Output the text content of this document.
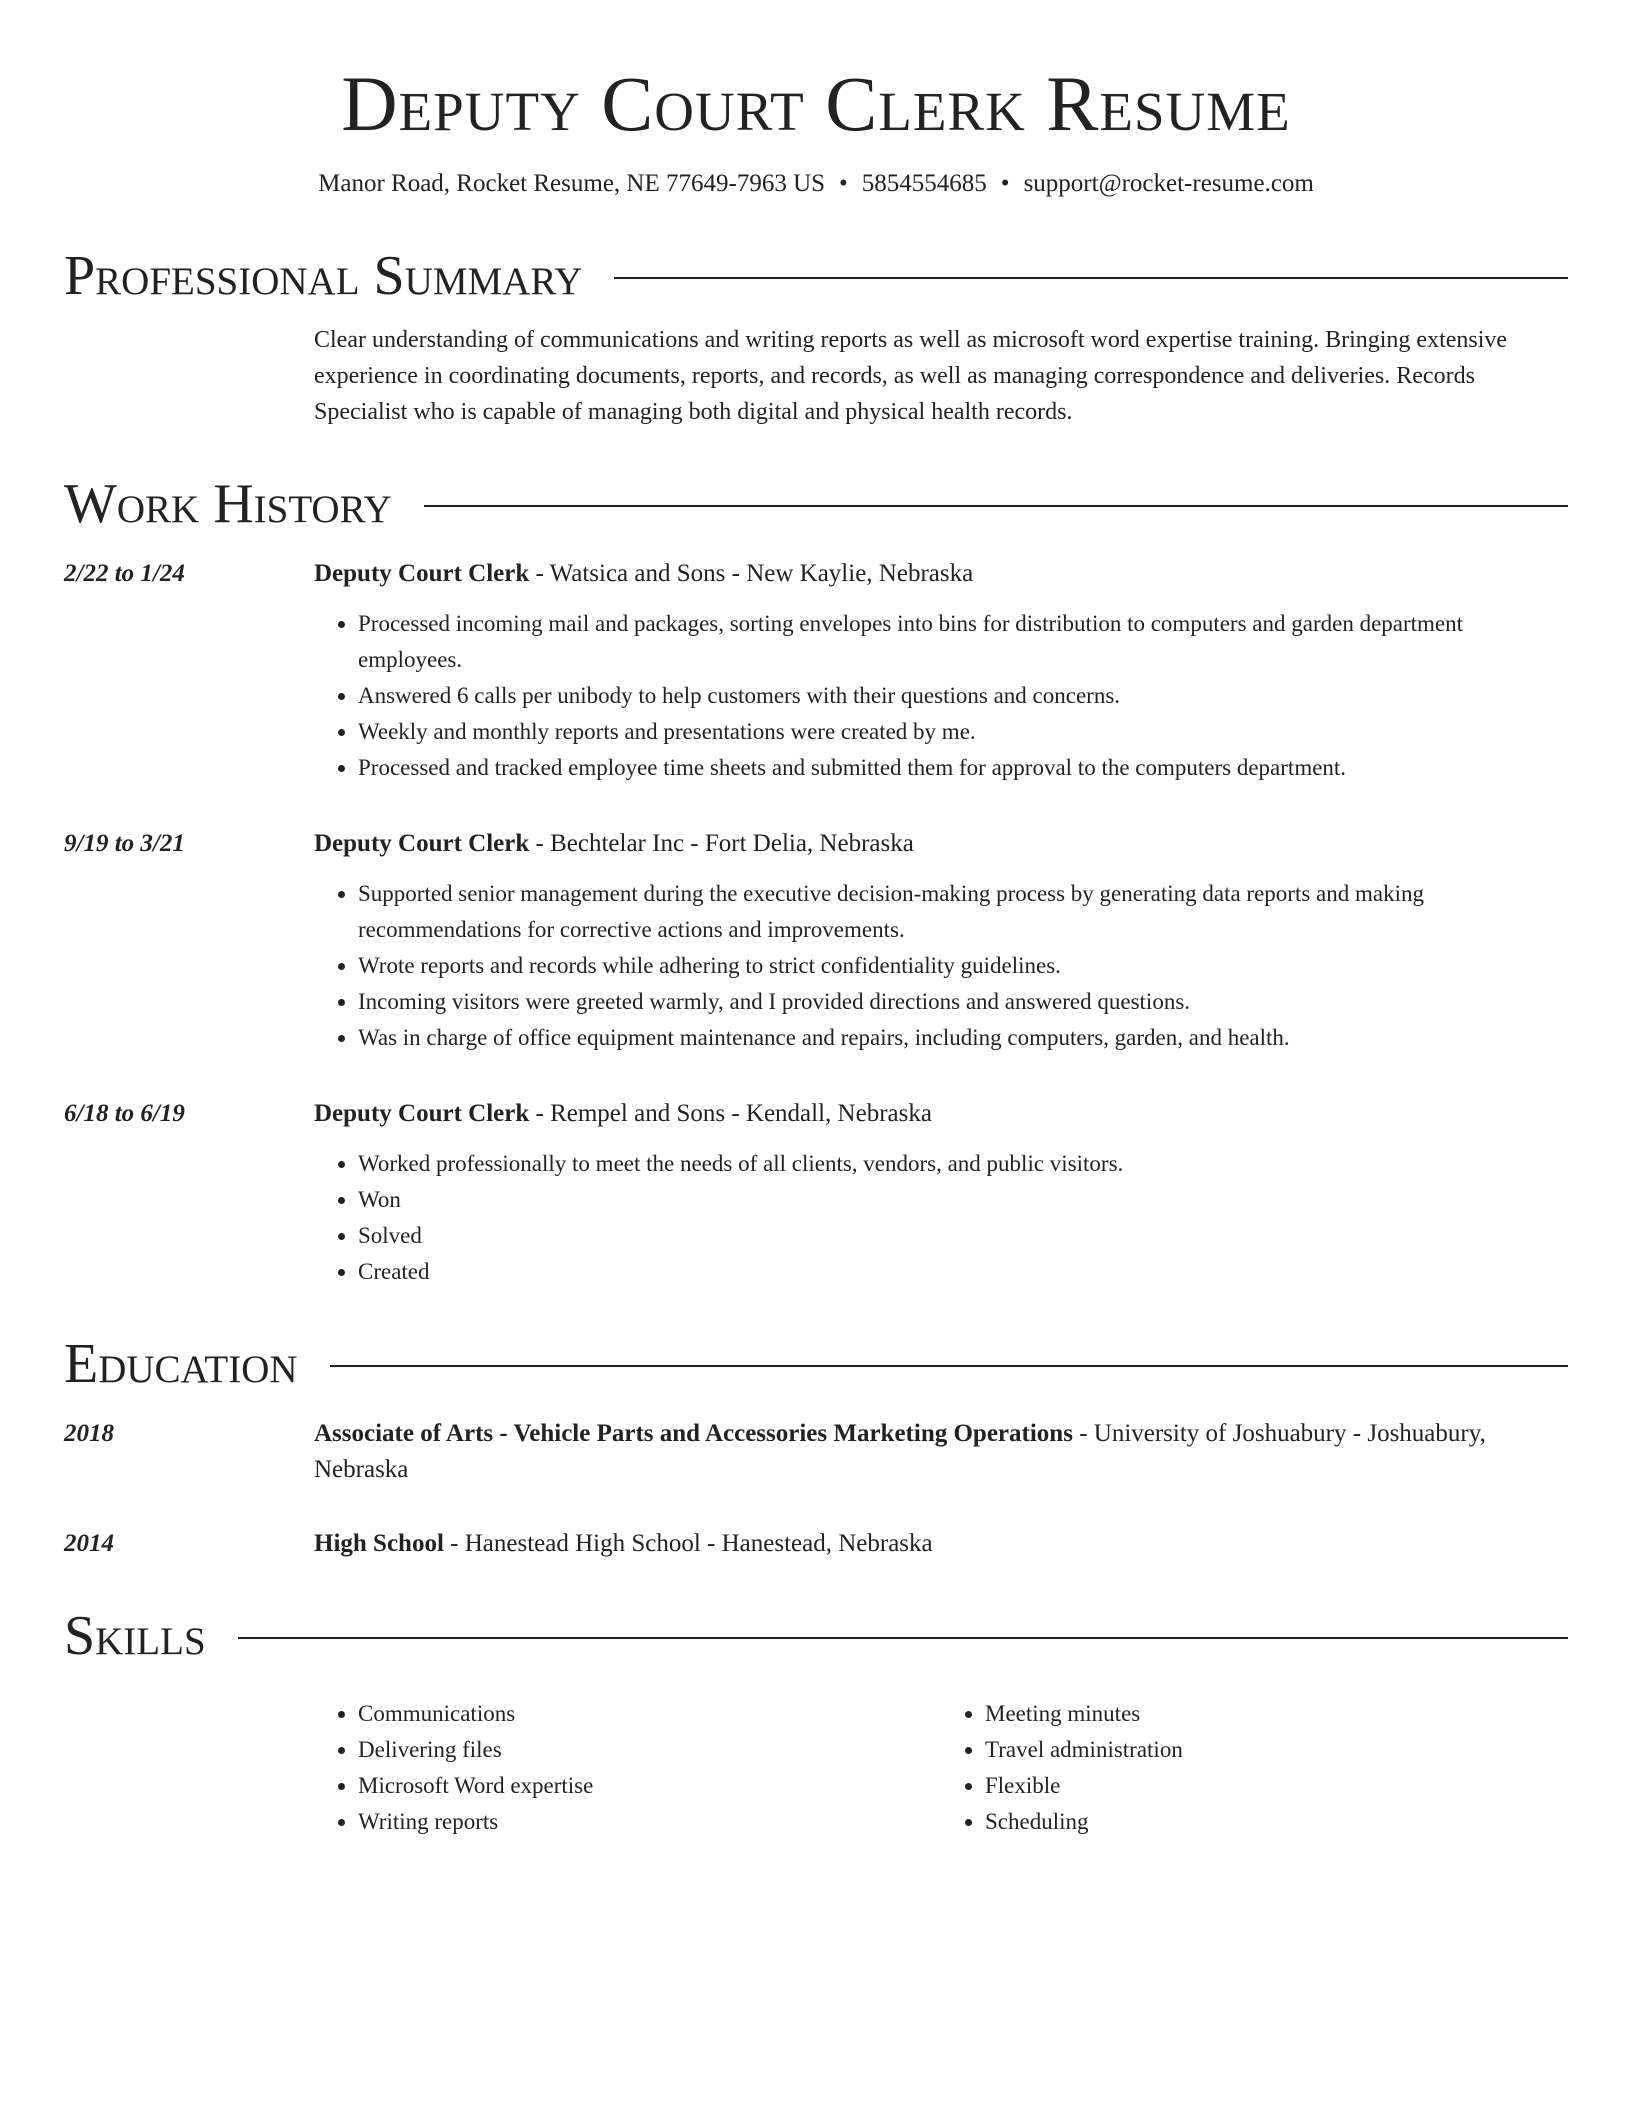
Deputy Court Clerk Resume
Manor Road, Rocket Resume, NE 77649-7963 US • 5854554685 • support@rocket-resume.com
Professional Summary
Clear understanding of communications and writing reports as well as microsoft word expertise training. Bringing extensive experience in coordinating documents, reports, and records, as well as managing correspondence and deliveries. Records Specialist who is capable of managing both digital and physical health records.
Work History
2/22 to 1/24	Deputy Court Clerk - Watsica and Sons - New Kaylie, Nebraska
• Processed incoming mail and packages, sorting envelopes into bins for distribution to computers and garden department employees.
• Answered 6 calls per unibody to help customers with their questions and concerns.
• Weekly and monthly reports and presentations were created by me.
• Processed and tracked employee time sheets and submitted them for approval to the computers department.
9/19 to 3/21	Deputy Court Clerk - Bechtelar Inc - Fort Delia, Nebraska
• Supported senior management during the executive decision-making process by generating data reports and making recommendations for corrective actions and improvements.
• Wrote reports and records while adhering to strict confidentiality guidelines.
• Incoming visitors were greeted warmly, and I provided directions and answered questions.
• Was in charge of office equipment maintenance and repairs, including computers, garden, and health.
6/18 to 6/19	Deputy Court Clerk - Rempel and Sons - Kendall, Nebraska
• Worked professionally to meet the needs of all clients, vendors, and public visitors.
• Won
• Solved
• Created
Education
2018	Associate of Arts - Vehicle Parts and Accessories Marketing Operations - University of Joshuabury - Joshuabury, Nebraska
2014	High School - Hanestead High School - Hanestead, Nebraska
Skills
• Communications
• Delivering files
• Microsoft Word expertise
• Writing reports
• Meeting minutes
• Travel administration
• Flexible
• Scheduling
